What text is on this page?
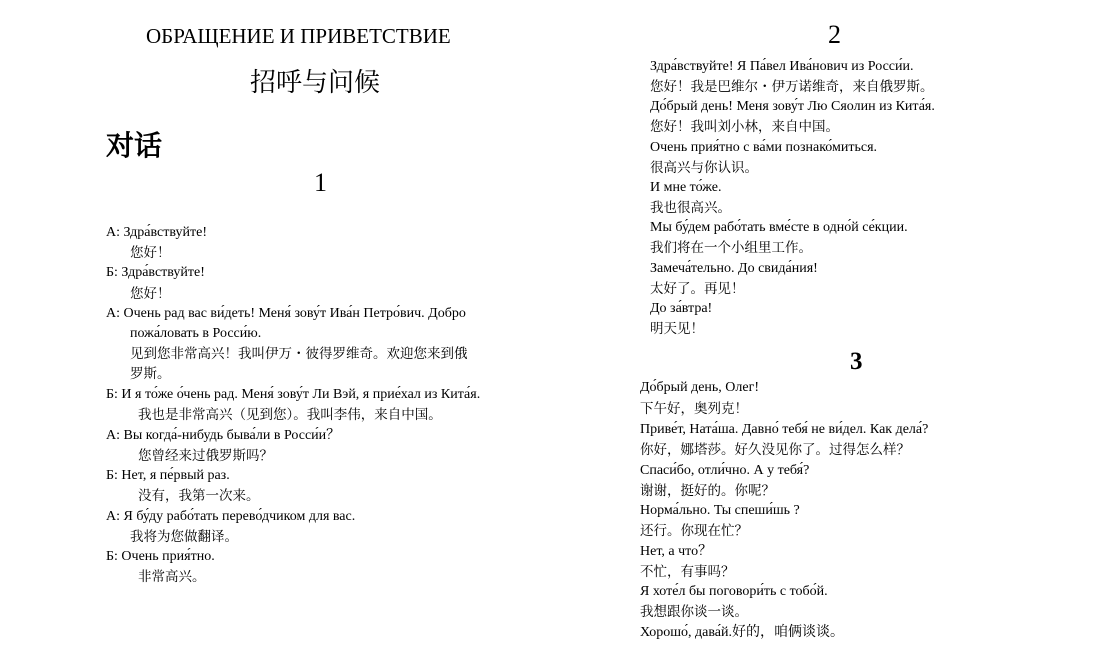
ОБРАЩЕНИЕ И ПРИВЕТСТВИЕ
招呼与问候
对话
1
А: Здра́вствуйте!
您好！
Б: Здра́вствуйте!
您好！
А: Очень рад вас ви́деть! Меня́ зову́т Ива́н Петро́вич. Добро
пожа́ловать в Росси́ю.
见到您非常高兴！我叫伊万・彼得罗维奇。欢迎您来到俄
罗斯。
Б: И я то́же о́чень рад. Меня́ зову́т Ли Вэй, я прие́хал из Кита́я.
我也是非常高兴（见到您）。我叫李伟，来自中国。
А: Вы когда́-нибудь быва́ли в Росси́и？
您曾经来过俄罗斯吗？
Б: Нет, я пе́рвый раз.
没有，我第一次来。
А: Я бу́ду рабо́тать перево́дчиком для вас.
我将为您做翻译。
Б: Очень прия́тно.
非常高兴。
2
Здра́вствуйте! Я Па́вел Ива́нович из Росси́и.
您好！我是巴维尔・伊万诺维奇，来自俄罗斯。
До́брый день! Меня зову́т Лю Сяолин из Кита́я.
您好！我叫刘小林，来自中国。
Очень прия́тно с ва́ми познако́миться.
很高兴与你认识。
И мне то́же.
我也很高兴。
Мы бу́дем рабо́тать вме́сте в одно́й се́кции.
我们将在一个小组里工作。
Замеча́тельно. До свида́ния!
太好了。再见！
До за́втра!
明天见！
3
До́брый день, Олег!
下午好，奥列克！
Приве́т, Ната́ша. Давно́ тебя́ не ви́дел. Как дела́?
你好，娜塔莎。好久没见你了。过得怎么样？
Спаси́бо, отли́чно. А у тебя́?
谢谢，挺好的。你呢？
Норма́льно. Ты спеши́шь ?
还行。你现在忙？
Нет, а что？
不忙，有事吗？
Я хоте́л бы поговори́ть с тобо́й.
我想跟你谈一谈。
Хорошо́, дава́й.好的，咱俩谈谈。
